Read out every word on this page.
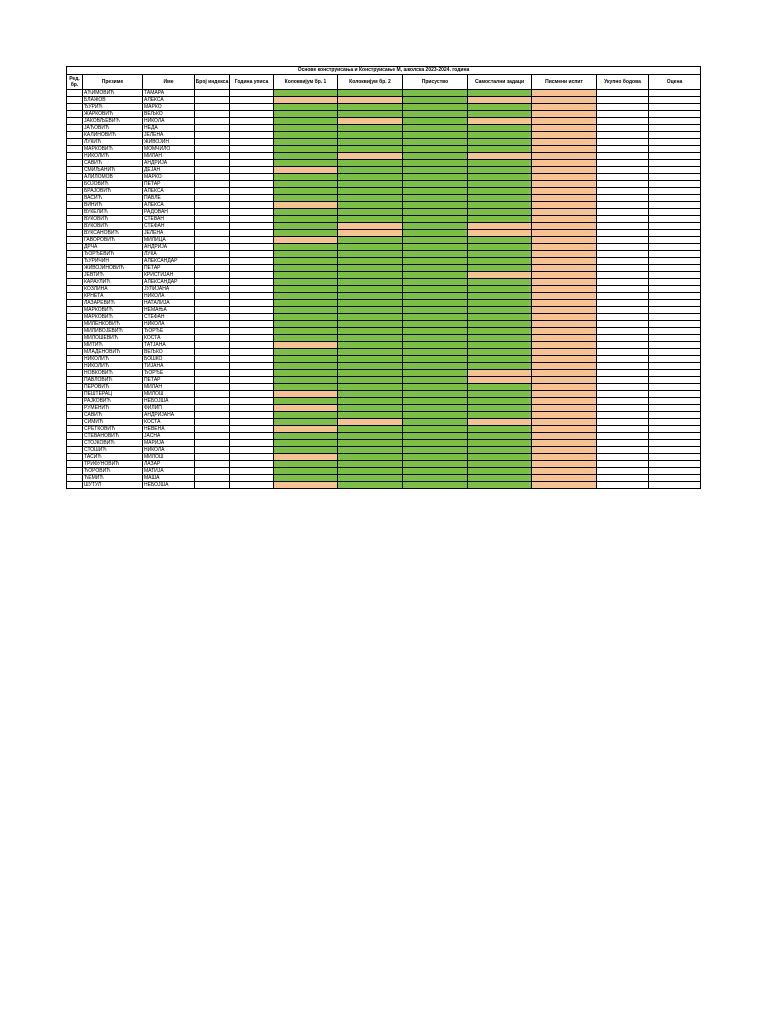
Основе конструисања и Конструисање М, школска 2023-2024. година											
Ред. бр.	Презиме	Име	Број индекса	Година уписа	Колоквијум бр. 1	Колоквијум бр. 2	Присуство	Самостални задаци	Писмени испит	Укупно бодова	Оцена
	АЋИМОВИЋ	ТАМАРА									
	БЛАЖОВ	АЛЕКСА									
	ЂУРИЋ	МАРКО									
	ЖАРКОВИЋ	ВЕЉКО									
	ЈАКОВЉЕВИЋ	НИКОЛА									
	ЈАЋОВИЋ	НЕДА									
	КАЛИНОВИЋ	ЈЕЛЕНА									
	ЛУКИЋ	ЖИВОЈИН									
	МАРКОВИЋ	МОМЧИЛО									
	НИКОЛИЋ	МИЛАН									
	САВИЋ	АНДРИЈА									
	СМИЉАНИЋ	ДЕЈАН									
	АЛИЛОМОВ	МАРКО									
	БОЈОВИЋ	ПЕТАР									
	БРАЈОВИЋ	АЛЕКСА									
	ВАСИЋ	ПАВЛЕ									
	ВИНИЋ	АЛЕКСА									
	ВУКЕЛИЋ	РАДОВАН									
	ВУКОВИЋ	СТЕВАН									
	ВУКОВИЋ	СТЕФАН									
	ВУКСАНОВИЋ	ЈЕЛЕНА									
	ГАВОРОВИЋ	МИЛИЦА									
	ДРЧА	АНДРИЈА									
	ЂОРЂЕВИЋ	ЛУКА									
	ЂУРИЧИН	АЛЕКСАНДАР									
	ЖИВОЈИНОВИЋ	ПЕТАР									
	ЈЕВТИЋ	КРИСТИЈАН									
	КАРАУЛИЋ	АЛЕКСАНДАР									
	КОЗЛИНА	ЈУЛИЈАНА									
	КРНЕТА	НИКОЛА									
	ЛАЗАРЕВИЋ	НАТАЛИЈА									
	МАРКОВИЋ	НЕМАЊА									
	МАРКОВИЋ	СТЕФАН									
	МИЛЕНКОВИЋ	НИКОЛА									
	МИЛИВОЈЕВИЋ	ЂОРЂЕ									
	МИЛОШЕВИЋ	КОСТА									
	МИТИЋ	ТАТЈАНА									
	МЛАДЕНОВИЋ	ВЕЉКО									
	НИКОЛИЋ	БОШКО									
	НИКОЛИЋ	ТИЈАНА									
	НОВКОВИЋ	ЂОРЂЕ									
	ПАВЛОВИЋ	ПЕТАР									
	ПЕРОВИЋ	МИЛАН									
	ПЕШТЕРАЦ	МИЛОШ									
	РАЈКОВИЋ	НЕБОЈША									
	РУМЕНИЋ	ФИЛИП									
	САВИЋ	АНДРИЈАНА									
	СИМИЋ	КОСТА									
	СРЕТКОВИЋ	НЕВЕНА									
	СТЕВАНОВИЋ	ЈАСНА									
	СТОЈКОВИЋ	МАРИЈА									
	СТОШИЋ	НИКОЛА									
	ТАСИЋ	МИЛОШ									
	ТРИФУНОВИЋ	ЛАЗАР									
	ЋОРОВИЋ	МАТИЈА									
	ЋЕМИЋ	МАША									
	ШУТУЛ	НЕБОЈША									
